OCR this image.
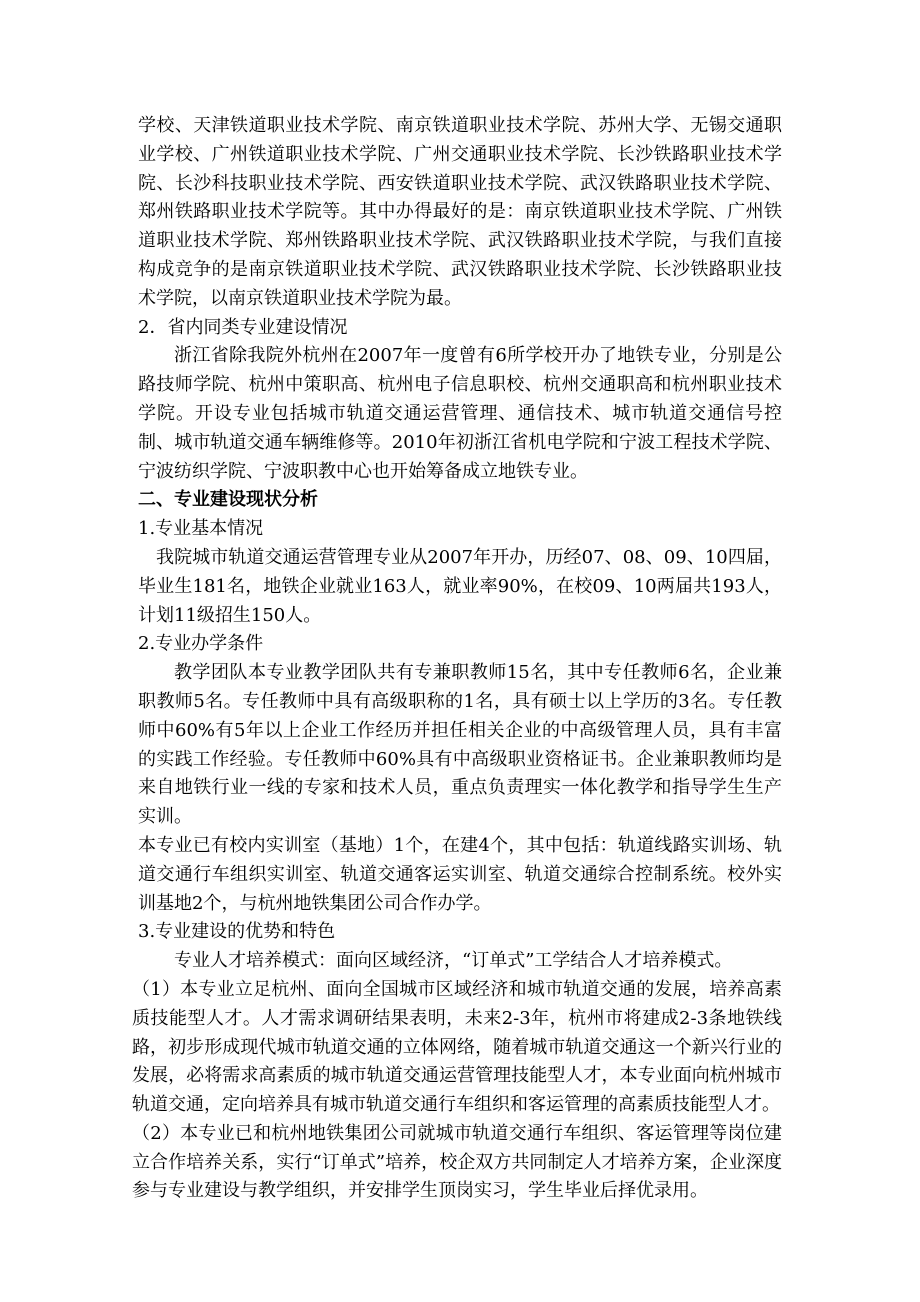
学校、天津铁道职业技术学院、南京铁道职业技术学院、苏州大学、无锡交通职业学校、广州铁道职业技术学院、广州交通职业技术学院、长沙铁路职业技术学院、长沙科技职业技术学院、西安铁道职业技术学院、武汉铁路职业技术学院、郑州铁路职业技术学院等。其中办得最好的是：南京铁道职业技术学院、广州铁道职业技术学院、郑州铁路职业技术学院、武汉铁路职业技术学院，与我们直接构成竞争的是南京铁道职业技术学院、武汉铁路职业技术学院、长沙铁路职业技术学院，以南京铁道职业技术学院为最。

2．省内同类专业建设情况

浙江省除我院外杭州在2007年一度曾有6所学校开办了地铁专业，分别是公路技师学院、杭州中策职高、杭州电子信息职校、杭州交通职高和杭州职业技术学院。开设专业包括城市轨道交通运营管理、通信技术、城市轨道交通信号控制、城市轨道交通车辆维修等。2010年初浙江省机电学院和宁波工程技术学院、宁波纺织学院、宁波职教中心也开始筹备成立地铁专业。

二、专业建设现状分析

1.专业基本情况

我院城市轨道交通运营管理专业从2007年开办，历经07、08、09、10四届，毕业生181名，地铁企业就业163人，就业率90%，在校09、10两届共193人，计划11级招生150人。

2.专业办学条件

教学团队本专业教学团队共有专兼职教师15名，其中专任教师6名，企业兼职教师5名。专任教师中具有高级职称的1名，具有硕士以上学历的3名。专任教师中60%有5年以上企业工作经历并担任相关企业的中高级管理人员，具有丰富的实践工作经验。专任教师中60%具有中高级职业资格证书。企业兼职教师均是来自地铁行业一线的专家和技术人员，重点负责理实一体化教学和指导学生生产实训。

本专业已有校内实训室（基地）1个，在建4个，其中包括：轨道线路实训场、轨道交通行车组织实训室、轨道交通客运实训室、轨道交通综合控制系统。校外实训基地2个，与杭州地铁集团公司合作办学。

3.专业建设的优势和特色

专业人才培养模式：面向区域经济，“订单式”工学结合人才培养模式。

（1）本专业立足杭州、面向全国城市区域经济和城市轨道交通的发展，培养高素质技能型人才。人才需求调研结果表明，未来2-3年，杭州市将建成2-3条地铁线路，初步形成现代城市轨道交通的立体网络，随着城市轨道交通这一个新兴行业的发展，必将需求高素质的城市轨道交通运营管理技能型人才，本专业面向杭州城市轨道交通，定向培养具有城市轨道交通行车组织和客运管理的高素质技能型人才。

（2）本专业已和杭州地铁集团公司就城市轨道交通行车组织、客运管理等岗位建立合作培养关系，实行“订单式”培养，校企双方共同制定人才培养方案，企业深度参与专业建设与教学组织，并安排学生顶岗实习，学生毕业后择优录用。
